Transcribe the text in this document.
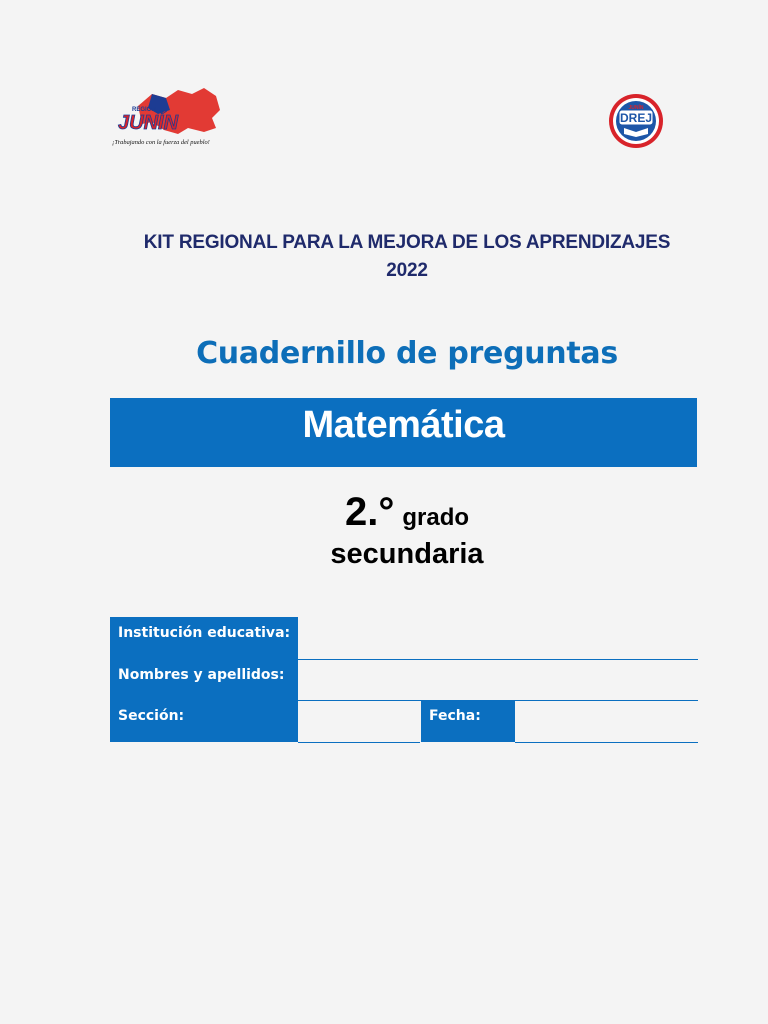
REGIÓN
JUNÍN
¡Trabajando con la fuerza del pueblo!
JUNÍN
DREJ
KIT REGIONAL PARA LA MEJORA DE LOS APRENDIZAJES
2022
Cuadernillo de preguntas
Matemática
2.° grado
secundaria
Institución educativa:
Nombres y apellidos:
Sección:	Fecha:
